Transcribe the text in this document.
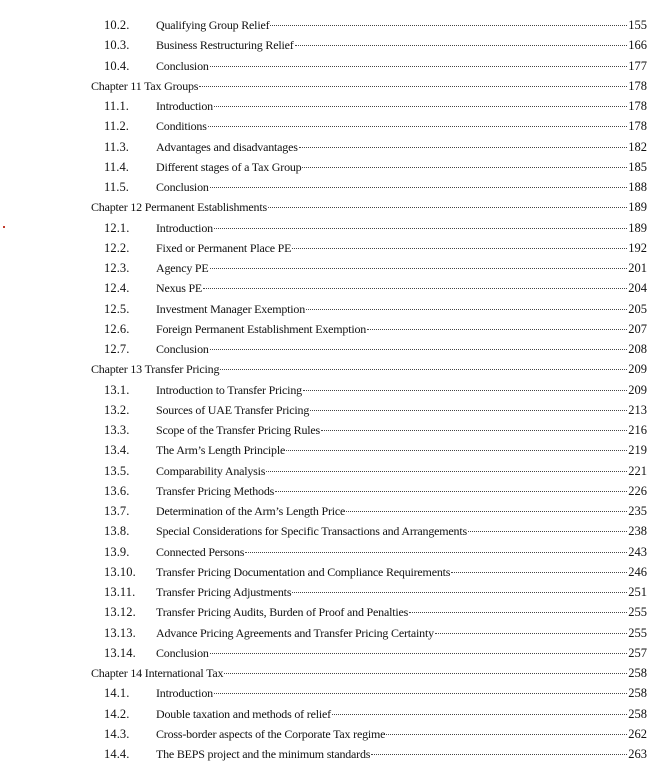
10.2.	Qualifying Group Relief	155
10.3.	Business Restructuring Relief	166
10.4.	Conclusion	177
Chapter 11 Tax Groups	178
11.1.	Introduction	178
11.2.	Conditions	178
11.3.	Advantages and disadvantages	182
11.4.	Different stages of a Tax Group	185
11.5.	Conclusion	188
Chapter 12 Permanent Establishments	189
12.1.	Introduction	189
12.2.	Fixed or Permanent Place PE	192
12.3.	Agency PE	201
12.4.	Nexus PE	204
12.5.	Investment Manager Exemption	205
12.6.	Foreign Permanent Establishment Exemption	207
12.7.	Conclusion	208
Chapter 13 Transfer Pricing	209
13.1.	Introduction to Transfer Pricing	209
13.2.	Sources of UAE Transfer Pricing	213
13.3.	Scope of the Transfer Pricing Rules	216
13.4.	The Arm’s Length Principle	219
13.5.	Comparability Analysis	221
13.6.	Transfer Pricing Methods	226
13.7.	Determination of the Arm’s Length Price	235
13.8.	Special Considerations for Specific Transactions and Arrangements	238
13.9.	Connected Persons	243
13.10.	Transfer Pricing Documentation and Compliance Requirements	246
13.11.	Transfer Pricing Adjustments	251
13.12.	Transfer Pricing Audits, Burden of Proof and Penalties	255
13.13.	Advance Pricing Agreements and Transfer Pricing Certainty	255
13.14.	Conclusion	257
Chapter 14 International Tax	258
14.1.	Introduction	258
14.2.	Double taxation and methods of relief	258
14.3.	Cross-border aspects of the Corporate Tax regime	262
14.4.	The BEPS project and the minimum standards	263
